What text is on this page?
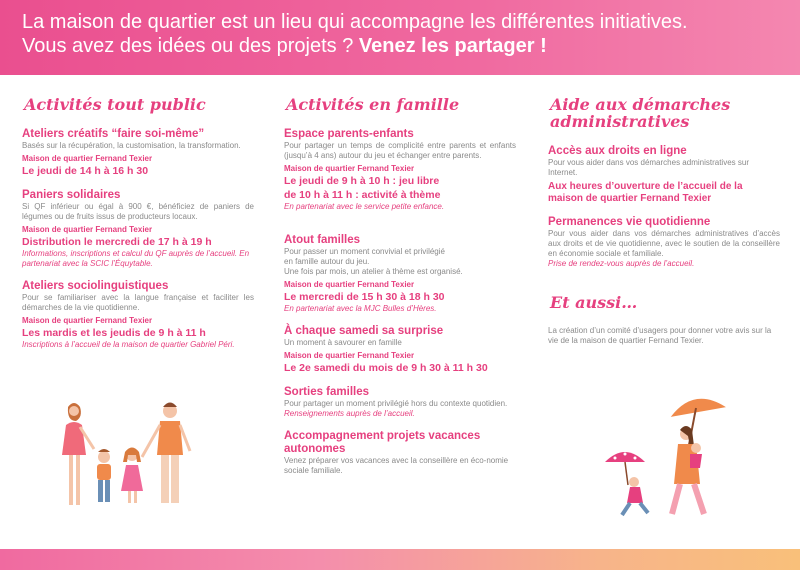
La maison de quartier est un lieu qui accompagne les différentes initiatives.
Vous avez des idées ou des projets ? Venez les partager !
Activités tout public
Ateliers créatifs “faire soi-même”

Basés sur la récupération, la customisation, la transformation.

Maison de quartier Fernand Texier
Le jeudi de 14 h à 16 h 30
Paniers solidaires

Si QF inférieur ou égal à 900 €, bénéficiez de paniers de légumes ou de fruits issus de producteurs locaux.

Maison de quartier Fernand Texier
Distribution le mercredi de 17 h à 19 h

Informations, inscriptions et calcul du QF auprès de l’accueil. En partenariat avec la SCIC l’Équytable.

Ateliers sociolinguistiques

Pour se familiariser avec la langue française et faciliter les démarches de la vie quotidienne.

Maison de quartier Fernand Texier
Les mardis et les jeudis de 9 h à 11 h

Inscriptions à l’accueil de la maison de quartier Gabriel Péri.

Activités en famille
Espace parents-enfants

Pour partager un temps de complicité entre parents et enfants (jusqu’à 4 ans) autour du jeu et échanger entre parents.

Maison de quartier Fernand Texier
Le jeudi de 9 h à 10 h : jeu libre
de 10 h à 11 h : activité à thème

En partenariat avec le service petite enfance.

Atout familles

Pour passer un moment convivial et privilégié

en famille autour du jeu.

Une fois par mois, un atelier à thème est organisé.

Maison de quartier Fernand Texier
Le mercredi de 15 h 30 à 18 h 30

En partenariat avec la MJC Bulles d’Hères.

À chaque samedi sa surprise

Un moment à savourer en famille

Maison de quartier Fernand Texier
Le 2e samedi du mois de 9 h 30 à 11 h 30
Sorties familles

Pour partager un moment privilégié hors du contexte quotidien.

Renseignements auprès de l’accueil.

Accompagnement projets vacances autonomes

Venez préparer vos vacances avec la conseillère en éco-nomie sociale familiale.

Aide aux démarches administratives
Accès aux droits en ligne

Pour vous aider dans vos démarches administratives sur Internet.

Aux heures d’ouverture de l’accueil de la maison de quartier Fernand Texier
Permanences vie quotidienne

Pour vous aider dans vos démarches administratives d’accès aux droits et de vie quotidienne, avec le soutien de la conseillère en économie sociale et familiale.

Prise de rendez-vous auprès de l’accueil.

Et aussi…

La création d’un comité d’usagers pour donner votre avis sur la vie de la maison de quartier Fernand Texier.
